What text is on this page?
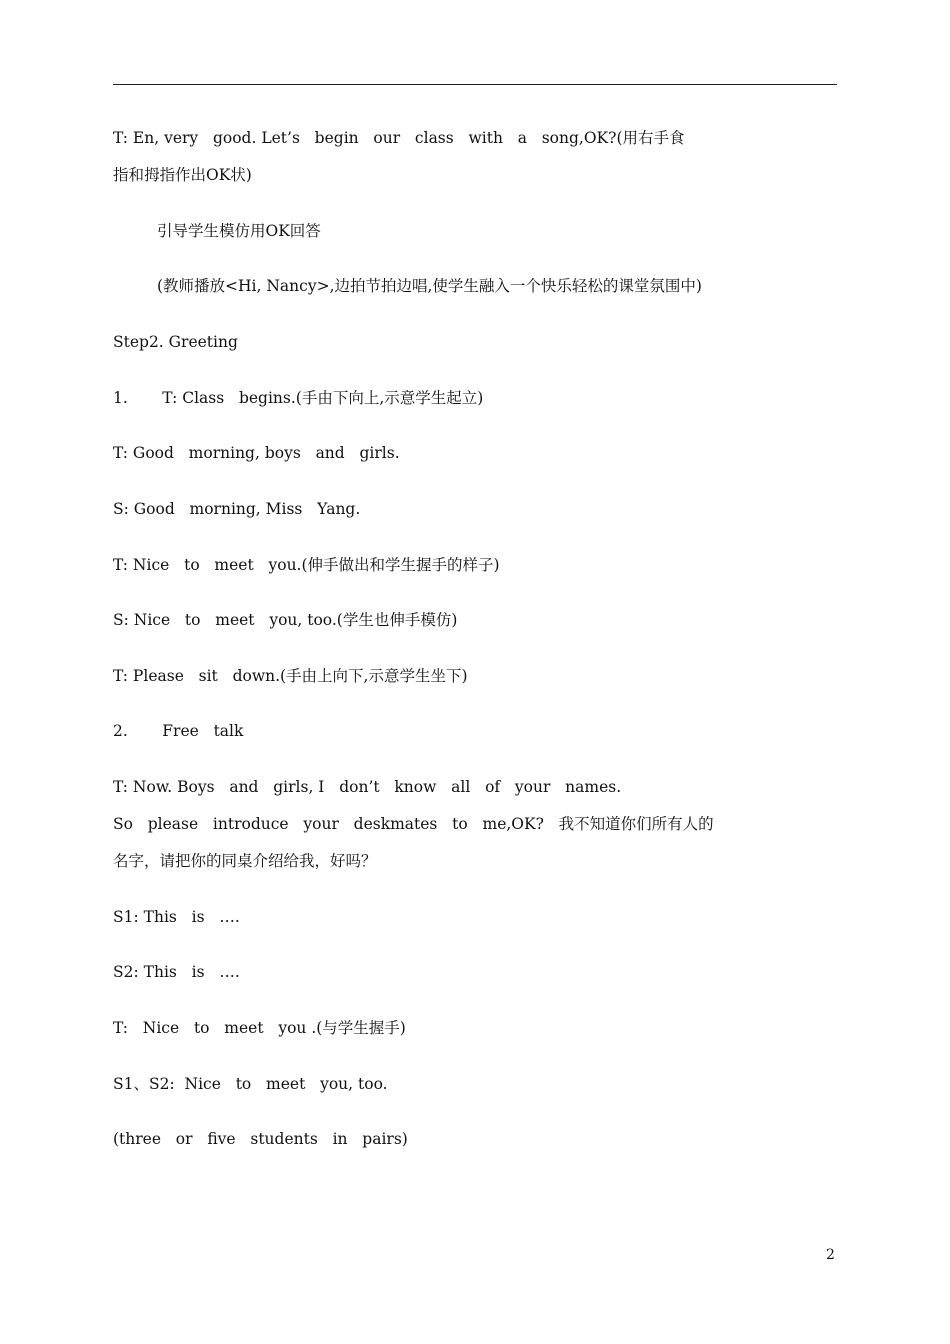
T: En, very   good. Let’s   begin   our   class   with   a   song,OK?(用右手食
指和拇指作出OK状)
引导学生模仿用OK回答
(教师播放<Hi, Nancy>,边拍节拍边唱,使学生融入一个快乐轻松的课堂氛围中)
Step2. Greeting
1.       T: Class   begins.(手由下向上,示意学生起立)
T: Good   morning, boys   and   girls.
S: Good   morning, Miss   Yang.
T: Nice   to   meet   you.(伸手做出和学生握手的样子)
S: Nice   to   meet   you, too.(学生也伸手模仿)
T: Please   sit   down.(手由上向下,示意学生坐下)
2.       Free   talk
T: Now. Boys   and   girls, I   don’t   know   all   of   your   names.
So   please   introduce   your   deskmates   to   me,OK?   我不知道你们所有人的
名字，请把你的同桌介绍给我，好吗？
S1: This   is   ….
S2: This   is   ….
T:   Nice   to   meet   you .(与学生握手)
S1、S2:  Nice   to   meet   you, too.
(three   or   five   students   in   pairs)
2
